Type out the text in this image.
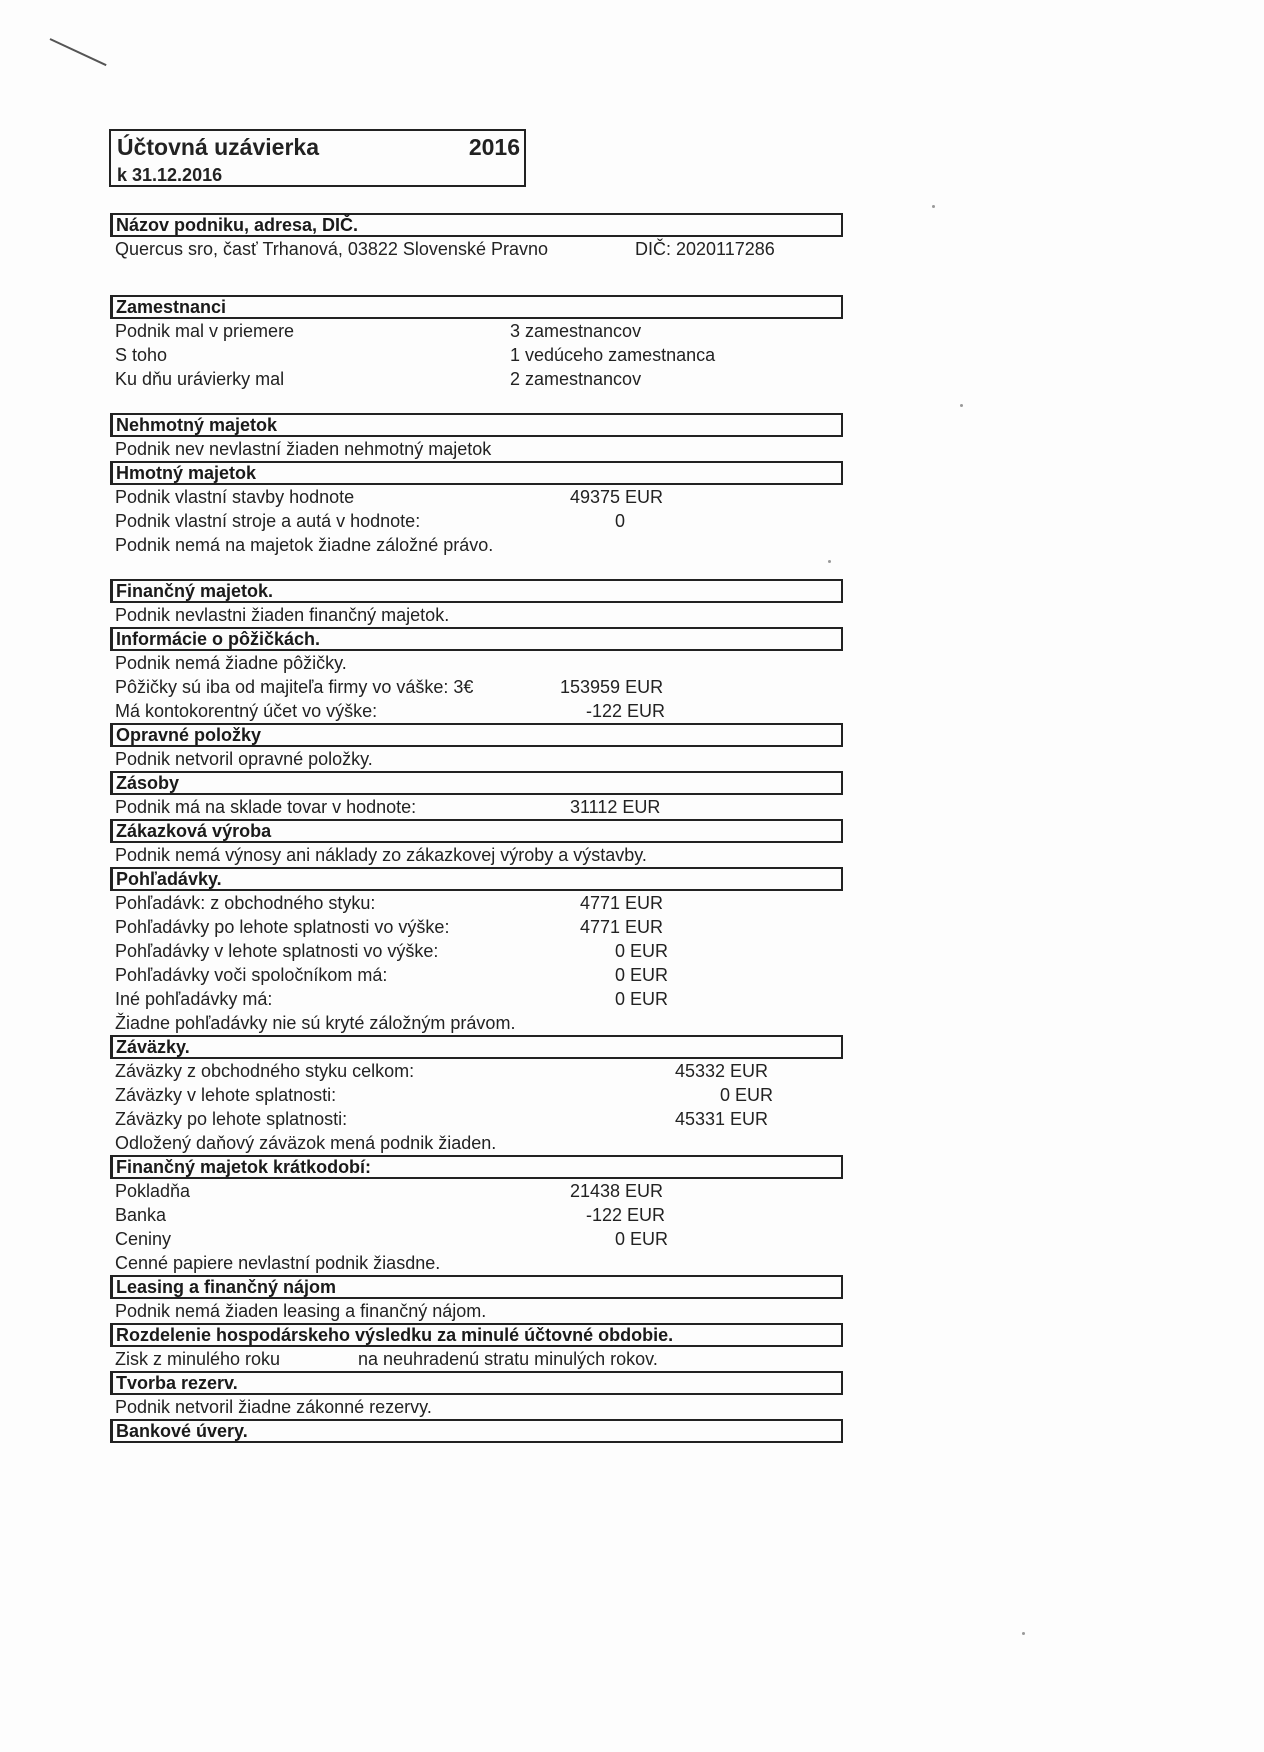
Účtovná uzávierka	2016
k 31.12.2016
Názov podniku, adresa, DIČ.
Quercus sro, časť Trhanová, 03822 Slovenské Pravno	DIČ: 2020117286
Zamestnanci
Podnik mal v priemere	3 zamestnancov
S toho	1 vedúceho zamestnanca
Ku dňu urávierky mal	2 zamestnancov
Nehmotný majetok
Podnik nev nevlastní žiaden nehmotný majetok
Hmotný majetok
Podnik vlastní stavby hodnote	49375 EUR
Podnik vlastní stroje a autá v hodnote:	0
Podnik nemá na majetok žiadne záložné právo.
Finančný majetok.
Podnik nevlastni žiaden finančný majetok.
Informácie o pôžičkách.
Podnik nemá žiadne pôžičky.
Pôžičky sú iba od majiteľa firmy vo váške: 3€	153959 EUR
Má kontokorentný účet vo výške:	-122 EUR
Opravné položky
Podnik netvoril opravné položky.
Zásoby
Podnik má na sklade tovar v hodnote:	31112 EUR
Zákazková výroba
Podnik nemá výnosy ani náklady zo zákazkovej výroby a výstavby.
Pohľadávky.
Pohľadávk: z obchodného styku:	4771 EUR
Pohľadávky po lehote splatnosti vo výške:	4771 EUR
Pohľadávky v lehote splatnosti vo výške:	0 EUR
Pohľadávky voči spoločníkom má:	0 EUR
Iné pohľadávky má:	0 EUR
Žiadne pohľadávky nie sú kryté záložným právom.
Záväzky.
Záväzky z obchodného styku celkom:	45332 EUR
Záväzky v lehote splatnosti:	0 EUR
Záväzky po lehote splatnosti:	45331 EUR
Odložený daňový záväzok mená podnik žiaden.
Finančný majetok krátkodobí:
Pokladňa	21438 EUR
Banka	-122 EUR
Ceniny	0 EUR
Cenné papiere nevlastní podnik žiasdne.
Leasing a finančný nájom
Podnik nemá žiaden leasing a finančný nájom.
Rozdelenie hospodárskeho výsledku za minulé účtovné obdobie.
Zisk z minulého roku	na neuhradenú stratu minulých rokov.
Tvorba rezerv.
Podnik netvoril žiadne zákonné rezervy.
Bankové úvery.
